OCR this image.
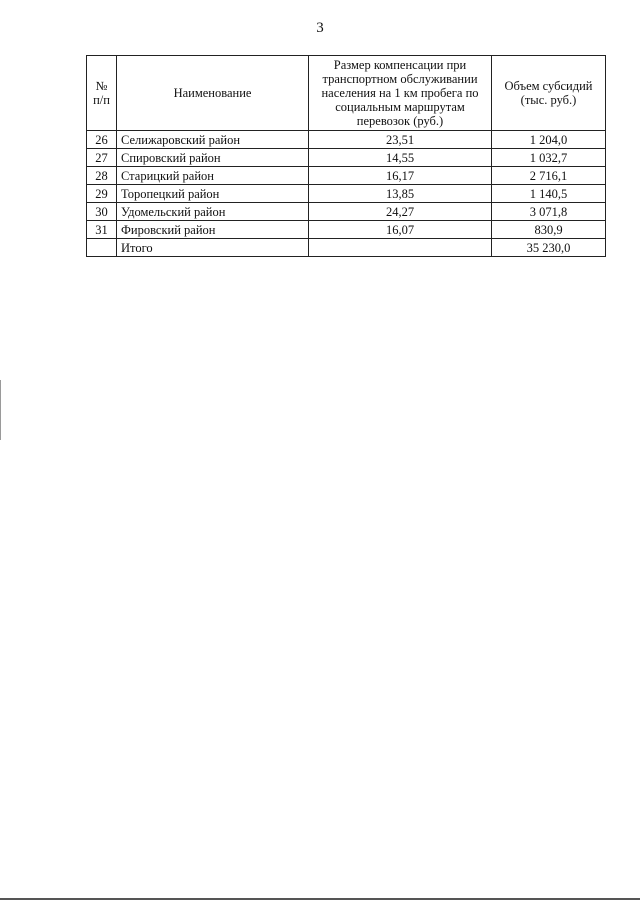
3
№ п/п	Наименование	Размер компенсации при транспортном обслуживании населения на 1 км пробега по социальным маршрутам перевозок (руб.)	Объем субсидий (тыс. руб.)
26	Селижаровский район	23,51	1 204,0
27	Спировский район	14,55	1 032,7
28	Старицкий район	16,17	2 716,1
29	Торопецкий район	13,85	1 140,5
30	Удомельский район	24,27	3 071,8
31	Фировский район	16,07	830,9
	Итого		35 230,0
